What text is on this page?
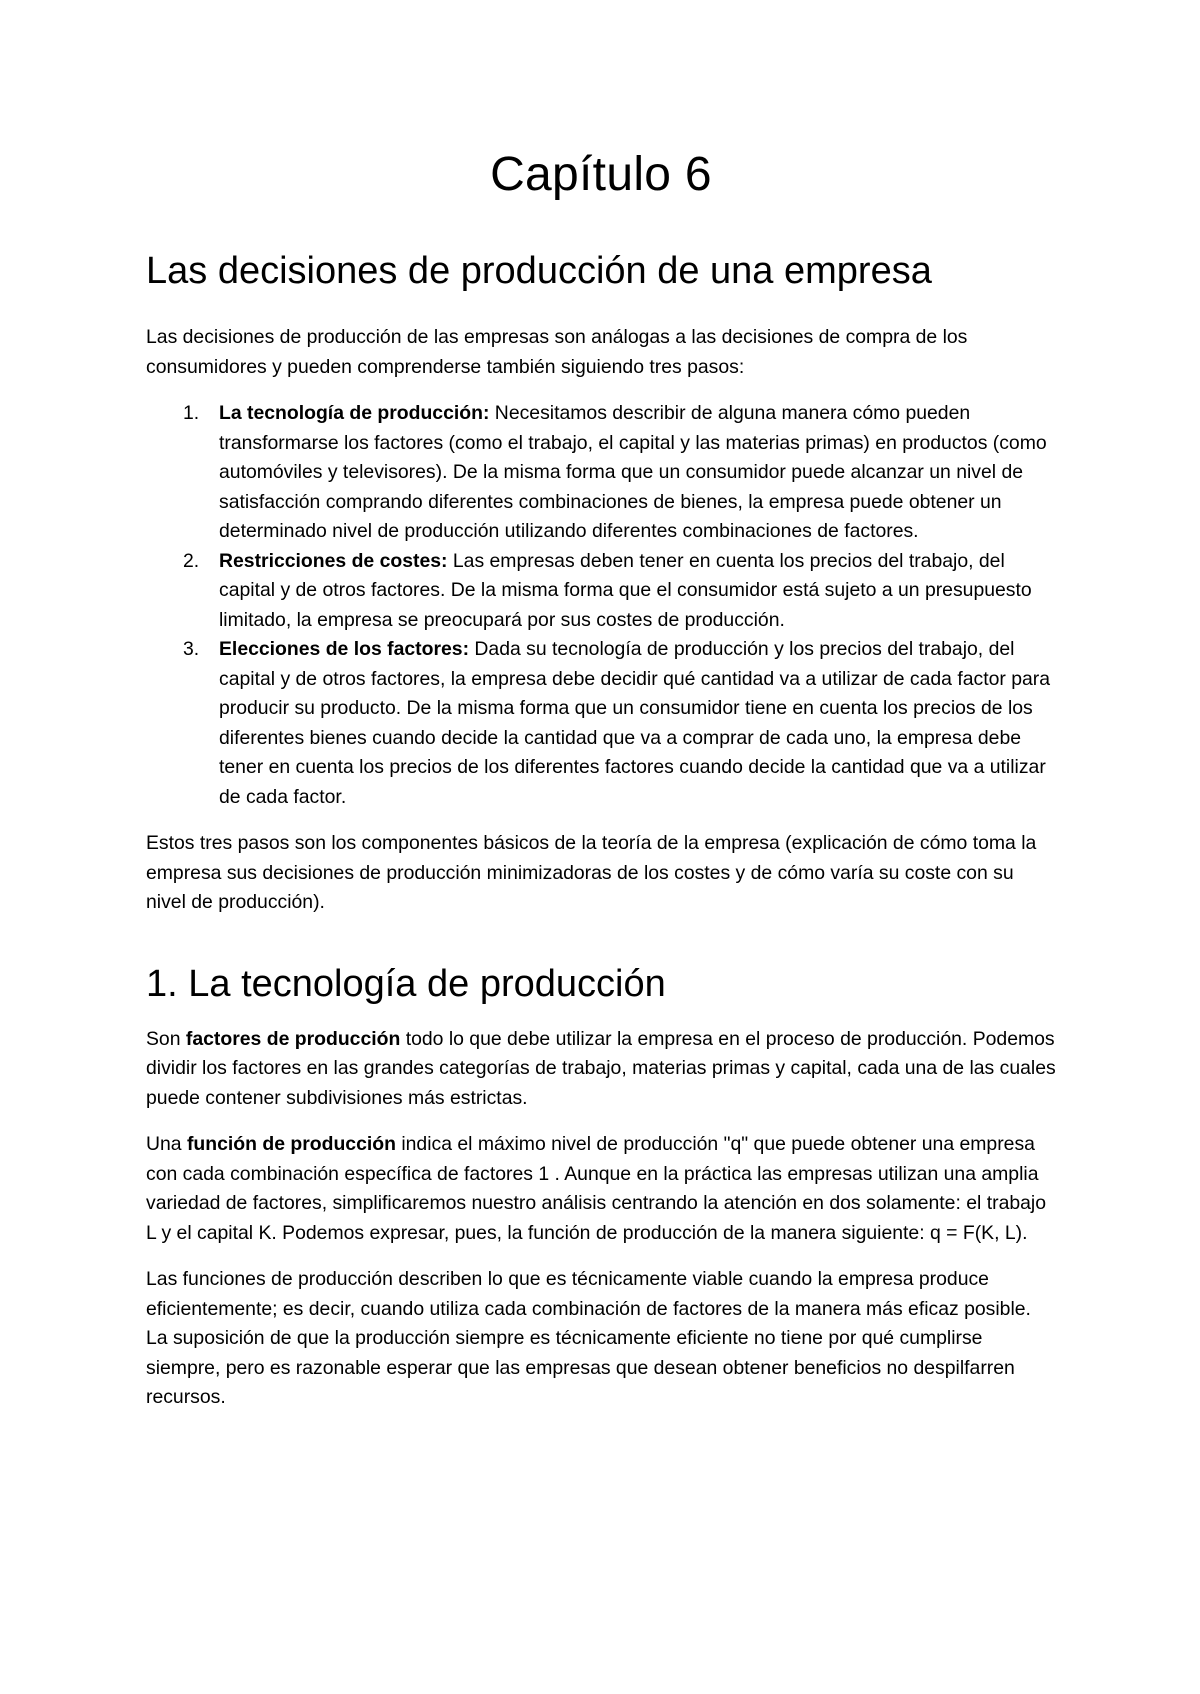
Capítulo 6
Las decisiones de producción de una empresa

Las decisiones de producción de las empresas son análogas a las decisiones de compra de los consumidores y pueden comprenderse también siguiendo tres pasos:

1. La tecnología de producción: Necesitamos describir de alguna manera cómo pueden transformarse los factores (como el trabajo, el capital y las materias primas) en productos (como automóviles y televisores). De la misma forma que un consumidor puede alcanzar un nivel de satisfacción comprando diferentes combinaciones de bienes, la empresa puede obtener un determinado nivel de producción utilizando diferentes combinaciones de factores.
2. Restricciones de costes: Las empresas deben tener en cuenta los precios del trabajo, del capital y de otros factores. De la misma forma que el consumidor está sujeto a un presupuesto limitado, la empresa se preocupará por sus costes de producción.
3. Elecciones de los factores: Dada su tecnología de producción y los precios del trabajo, del capital y de otros factores, la empresa debe decidir qué cantidad va a utilizar de cada factor para producir su producto. De la misma forma que un consumidor tiene en cuenta los precios de los diferentes bienes cuando decide la cantidad que va a comprar de cada uno, la empresa debe tener en cuenta los precios de los diferentes factores cuando decide la cantidad que va a utilizar de cada factor.

Estos tres pasos son los componentes básicos de la teoría de la empresa (explicación de cómo toma la empresa sus decisiones de producción minimizadoras de los costes y de cómo varía su coste con su nivel de producción).

1. La tecnología de producción

Son factores de producción todo lo que debe utilizar la empresa en el proceso de producción. Podemos dividir los factores en las grandes categorías de trabajo, materias primas y capital, cada una de las cuales puede contener subdivisiones más estrictas.

Una función de producción indica el máximo nivel de producción "q" que puede obtener una empresa con cada combinación específica de factores 1 . Aunque en la práctica las empresas utilizan una amplia variedad de factores, simplificaremos nuestro análisis centrando la atención en dos solamente: el trabajo L y el capital K. Podemos expresar, pues, la función de producción de la manera siguiente: q = F(K, L).

Las funciones de producción describen lo que es técnicamente viable cuando la empresa produce eficientemente; es decir, cuando utiliza cada combinación de factores de la manera más eficaz posible. La suposición de que la producción siempre es técnicamente eficiente no tiene por qué cumplirse siempre, pero es razonable esperar que las empresas que desean obtener beneficios no despilfarren recursos.
